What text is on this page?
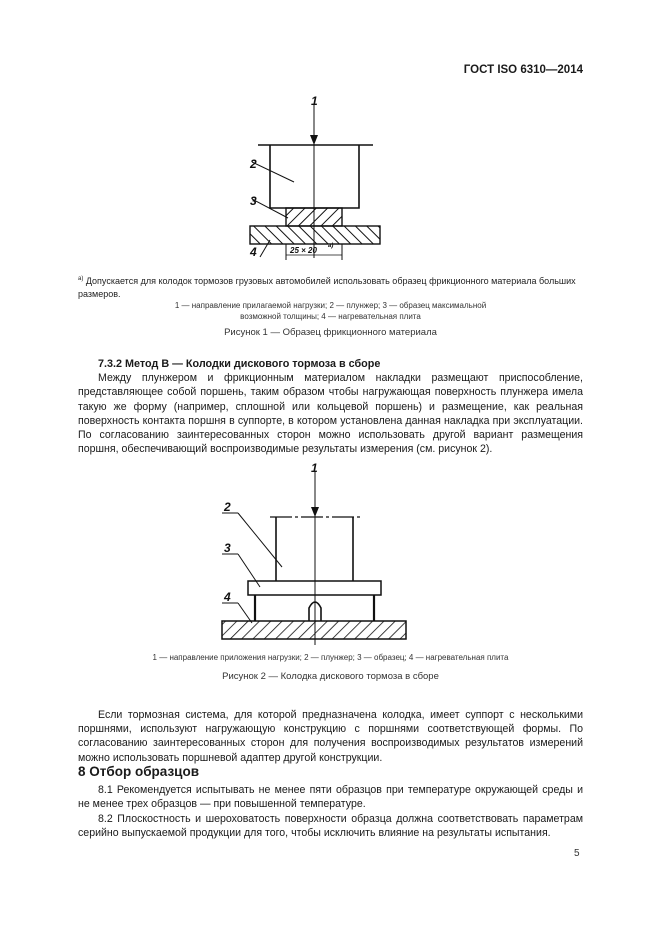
ГОСТ ISO 6310—2014
1
2
3
4	25 × 20 а)
$^{а)}$ Допускается для колодок тормозов грузовых автомобилей использовать образец фрикционного материала больших размеров.
1 — направление прилагаемой нагрузки; 2 — плунжер; 3 — образец максимальной
возможной толщины; 4 — нагревательная плита
Рисунок 1 — Образец фрикционного материала

7.3.2 Метод B — Колодки дискового тормоза в сборе

Между плунжером и фрикционным материалом накладки размещают приспособление, представляющее собой поршень, таким образом чтобы нагружающая поверхность плунжера имела такую же форму (например, сплошной или кольцевой поршень) и размещение, как реальная поверхность контакта поршня в суппорте, в котором установлена данная накладка при эксплуатации. По согласованию заинтересованных сторон можно использовать другой вариант размещения поршня, обеспечивающий воспроизводимые результаты измерения (см. рисунок 2).

1
2
3
4
1 — направление приложения нагрузки; 2 — плунжер; 3 — образец; 4 — нагревательная плита
Рисунок 2 — Колодка дискового тормоза в сборе

Если тормозная система, для которой предназначена колодка, имеет суппорт с несколькими поршнями, используют нагружающую конструкцию с поршнями соответствующей формы. По согласованию заинтересованных сторон для получения воспроизводимых результатов измерений можно использовать поршневой адаптер другой конструкции.

8 Отбор образцов

8.1 Рекомендуется испытывать не менее пяти образцов при температуре окружающей среды и не менее трех образцов — при повышенной температуре.

8.2 Плоскостность и шероховатость поверхности образца должна соответствовать параметрам серийно выпускаемой продукции для того, чтобы исключить влияние на результаты испытания.

5
